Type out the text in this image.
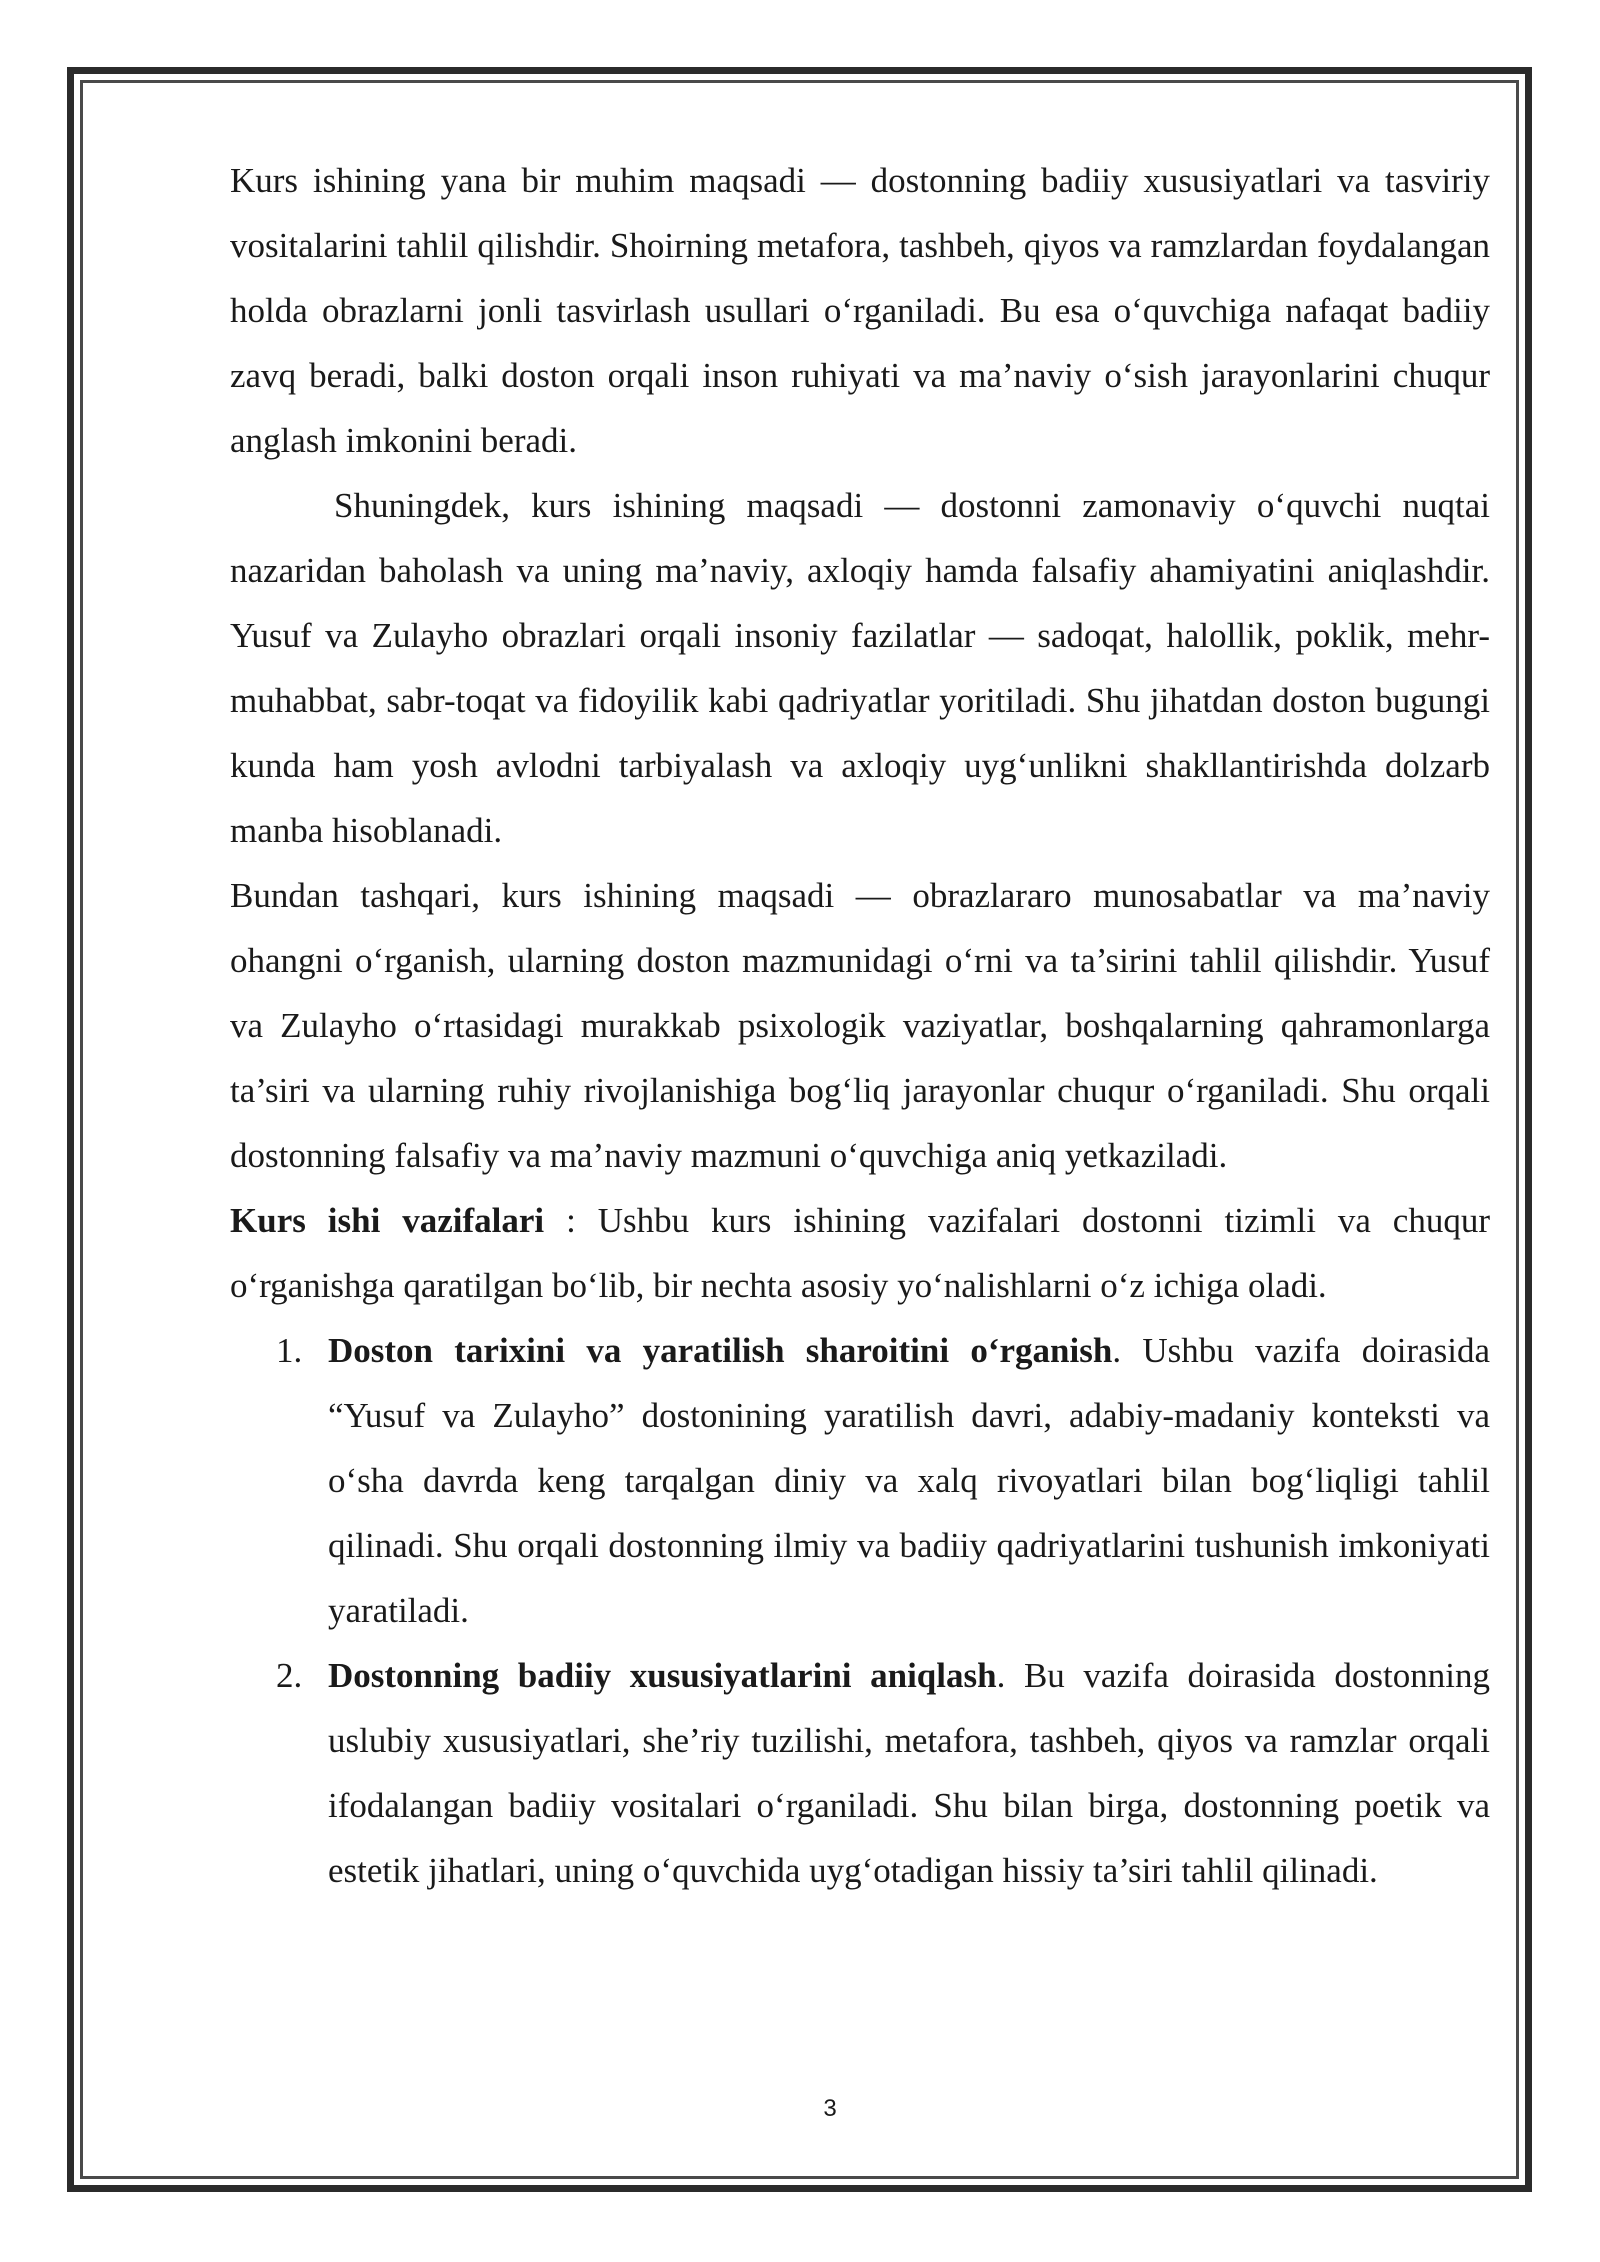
Kurs ishining yana bir muhim maqsadi — dostonning badiiy xususiyatlari va tasviriy vositalarini tahlil qilishdir. Shoirning metafora, tashbeh, qiyos va ramzlardan foydalangan holda obrazlarni jonli tasvirlash usullari o‘rganiladi. Bu esa o‘quvchiga nafaqat badiiy zavq beradi, balki doston orqali inson ruhiyati va ma’naviy o‘sish jarayonlarini chuqur anglash imkonini beradi.

Shuningdek, kurs ishining maqsadi — dostonni zamonaviy o‘quvchi nuqtai nazaridan baholash va uning ma’naviy, axloqiy hamda falsafiy ahamiyatini aniqlashdir. Yusuf va Zulayho obrazlari orqali insoniy fazilatlar — sadoqat, halollik, poklik, mehr-muhabbat, sabr-toqat va fidoyilik kabi qadriyatlar yoritiladi. Shu jihatdan doston bugungi kunda ham yosh avlodni tarbiyalash va axloqiy uyg‘unlikni shakllantirishda dolzarb manba hisoblanadi.

Bundan tashqari, kurs ishining maqsadi — obrazlararo munosabatlar va ma’naviy ohangni o‘rganish, ularning doston mazmunidagi o‘rni va ta’sirini tahlil qilishdir. Yusuf va Zulayho o‘rtasidagi murakkab psixologik vaziyatlar, boshqalarning qahramonlarga ta’siri va ularning ruhiy rivojlanishiga bog‘liq jarayonlar chuqur o‘rganiladi. Shu orqali dostonning falsafiy va ma’naviy mazmuni o‘quvchiga aniq yetkaziladi.

Kurs ishi vazifalari : Ushbu kurs ishining vazifalari dostonni tizimli va chuqur o‘rganishga qaratilgan bo‘lib, bir nechta asosiy yo‘nalishlarni o‘z ichiga oladi.

1. Doston tarixini va yaratilish sharoitini o‘rganish. Ushbu vazifa doirasida “Yusuf va Zulayho” dostonining yaratilish davri, adabiy-madaniy konteksti va o‘sha davrda keng tarqalgan diniy va xalq rivoyatlari bilan bog‘liqligi tahlil qilinadi. Shu orqali dostonning ilmiy va badiiy qadriyatlarini tushunish imkoniyati yaratiladi.
2. Dostonning badiiy xususiyatlarini aniqlash. Bu vazifa doirasida dostonning uslubiy xususiyatlari, she’riy tuzilishi, metafora, tashbeh, qiyos va ramzlar orqali ifodalangan badiiy vositalari o‘rganiladi. Shu bilan birga, dostonning poetik va estetik jihatlari, uning o‘quvchida uyg‘otadigan hissiy ta’siri tahlil qilinadi.
3
